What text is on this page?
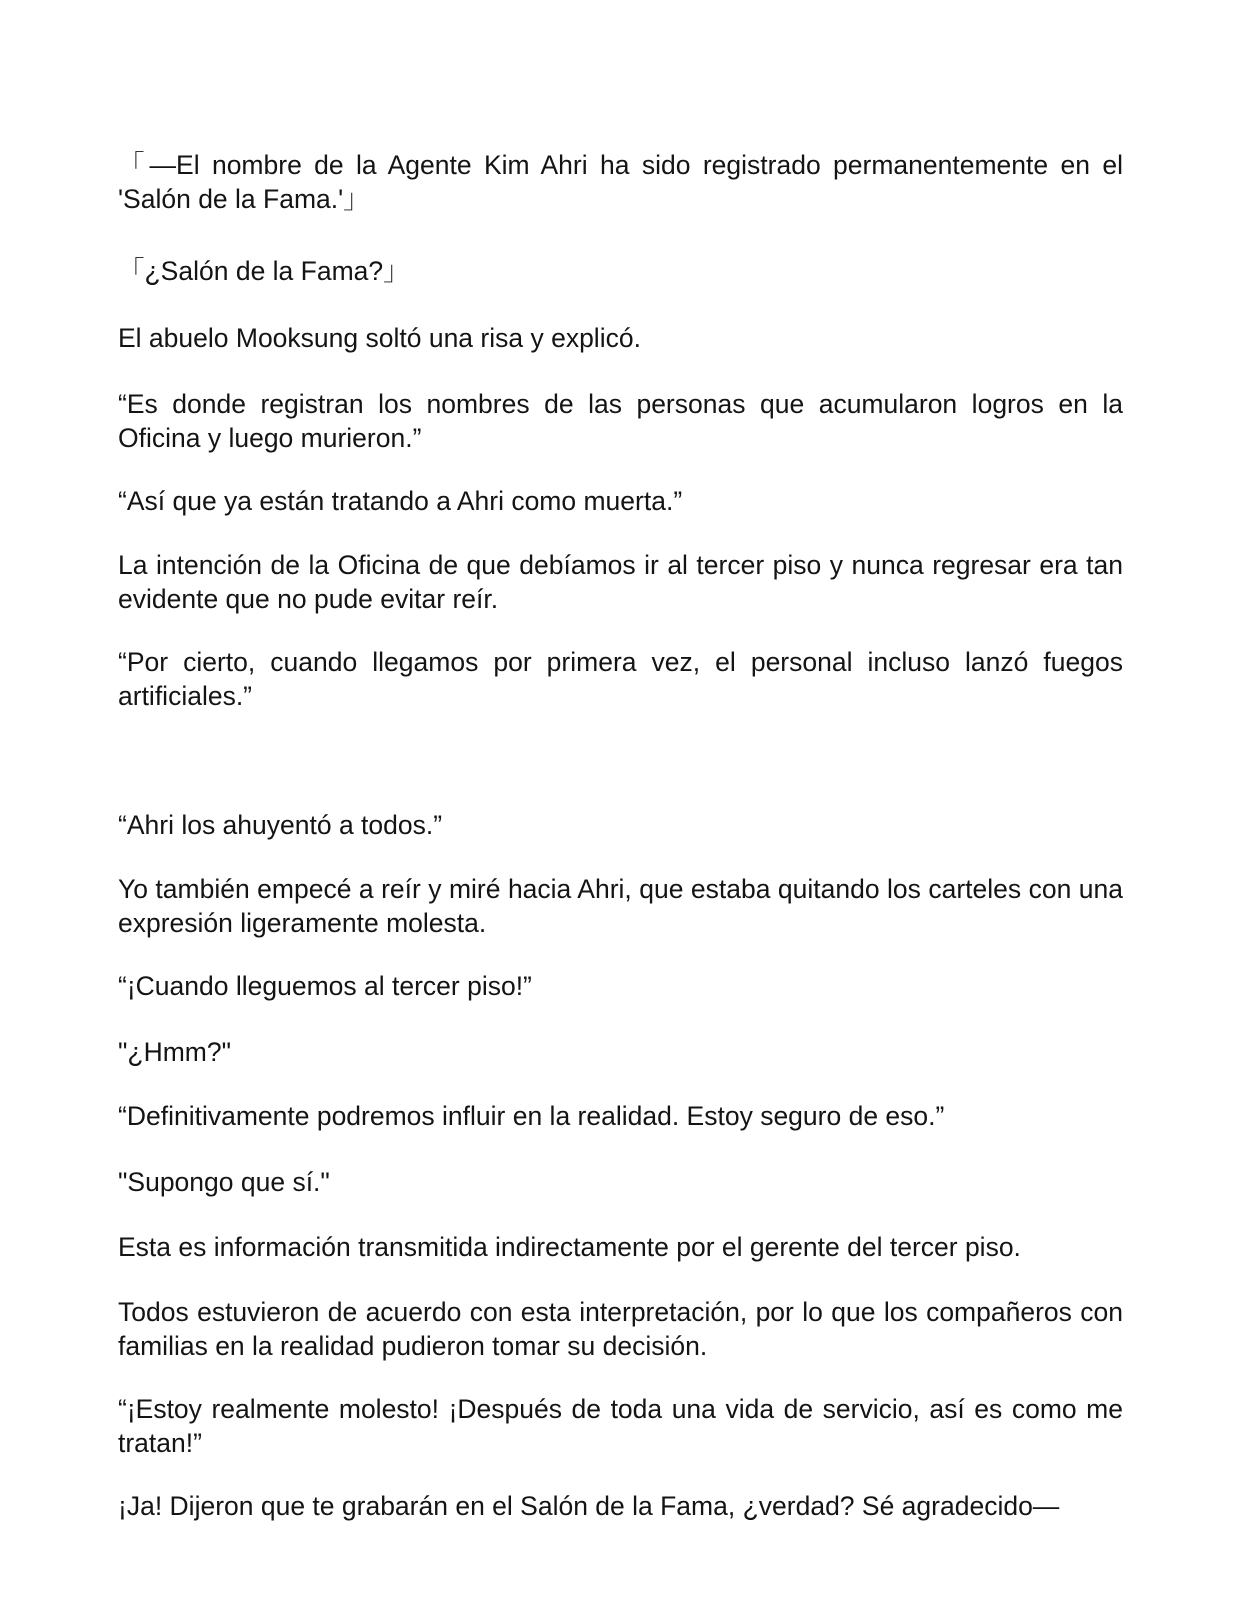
「—El nombre de la Agente Kim Ahri ha sido registrado permanentemente en el 'Salón de la Fama.'」

「¿Salón de la Fama?」

El abuelo Mooksung soltó una risa y explicó.

“Es donde registran los nombres de las personas que acumularon logros en la Oficina y luego murieron.”

“Así que ya están tratando a Ahri como muerta.”

La intención de la Oficina de que debíamos ir al tercer piso y nunca regresar era tan evidente que no pude evitar reír.

“Por cierto, cuando llegamos por primera vez, el personal incluso lanzó fuegos artificiales.”

“Ahri los ahuyentó a todos.”

Yo también empecé a reír y miré hacia Ahri, que estaba quitando los carteles con una expresión ligeramente molesta.

“¡Cuando lleguemos al tercer piso!”

"¿Hmm?"

“Definitivamente podremos influir en la realidad. Estoy seguro de eso.”

"Supongo que sí."

Esta es información transmitida indirectamente por el gerente del tercer piso.

Todos estuvieron de acuerdo con esta interpretación, por lo que los compañeros con familias en la realidad pudieron tomar su decisión.

“¡Estoy realmente molesto! ¡Después de toda una vida de servicio, así es como me tratan!”

¡Ja! Dijeron que te grabarán en el Salón de la Fama, ¿verdad? Sé agradecido—
